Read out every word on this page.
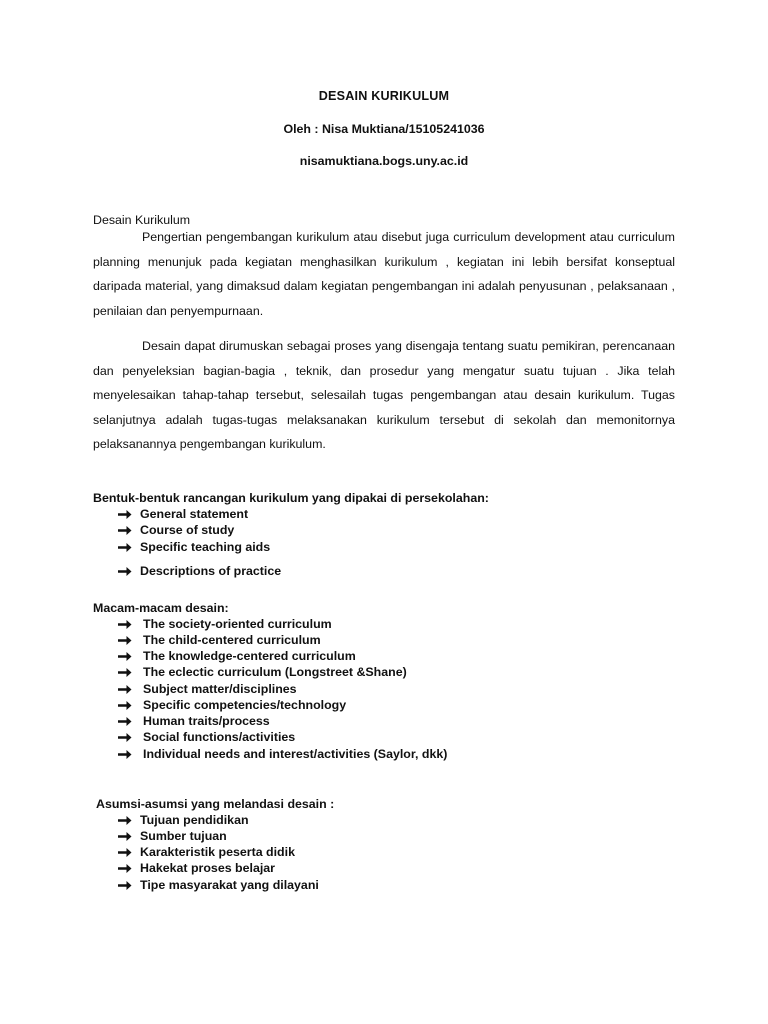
DESAIN KURIKULUM
Oleh : Nisa Muktiana/15105241036
nisamuktiana.bogs.uny.ac.id
Desain Kurikulum

Pengertian pengembangan kurikulum atau disebut juga curriculum development atau curriculum planning menunjuk pada kegiatan menghasilkan kurikulum , kegiatan ini lebih bersifat konseptual daripada material, yang dimaksud dalam kegiatan pengembangan ini adalah penyusunan , pelaksanaan , penilaian dan penyempurnaan.

Desain dapat dirumuskan sebagai proses yang disengaja tentang suatu pemikiran, perencanaan dan penyeleksian bagian-bagia , teknik, dan prosedur yang mengatur suatu tujuan . Jika telah menyelesaikan tahap-tahap tersebut, selesailah tugas pengembangan atau desain kurikulum. Tugas selanjutnya adalah tugas-tugas melaksanakan kurikulum tersebut di sekolah dan memonitornya pelaksanannya pengembangan kurikulum.

Bentuk-bentuk rancangan kurikulum yang dipakai di persekolahan:
General statement
Course of study
Specific teaching aids
Descriptions of practice
Macam-macam desain:
The society-oriented curriculum
The child-centered curriculum
The knowledge-centered curriculum
The eclectic curriculum (Longstreet &Shane)
Subject matter/disciplines
Specific competencies/technology
Human traits/process
Social functions/activities
Individual needs and interest/activities (Saylor, dkk)
Asumsi-asumsi yang melandasi desain :
Tujuan pendidikan
Sumber tujuan
Karakteristik peserta didik
Hakekat proses belajar
Tipe masyarakat yang dilayani
